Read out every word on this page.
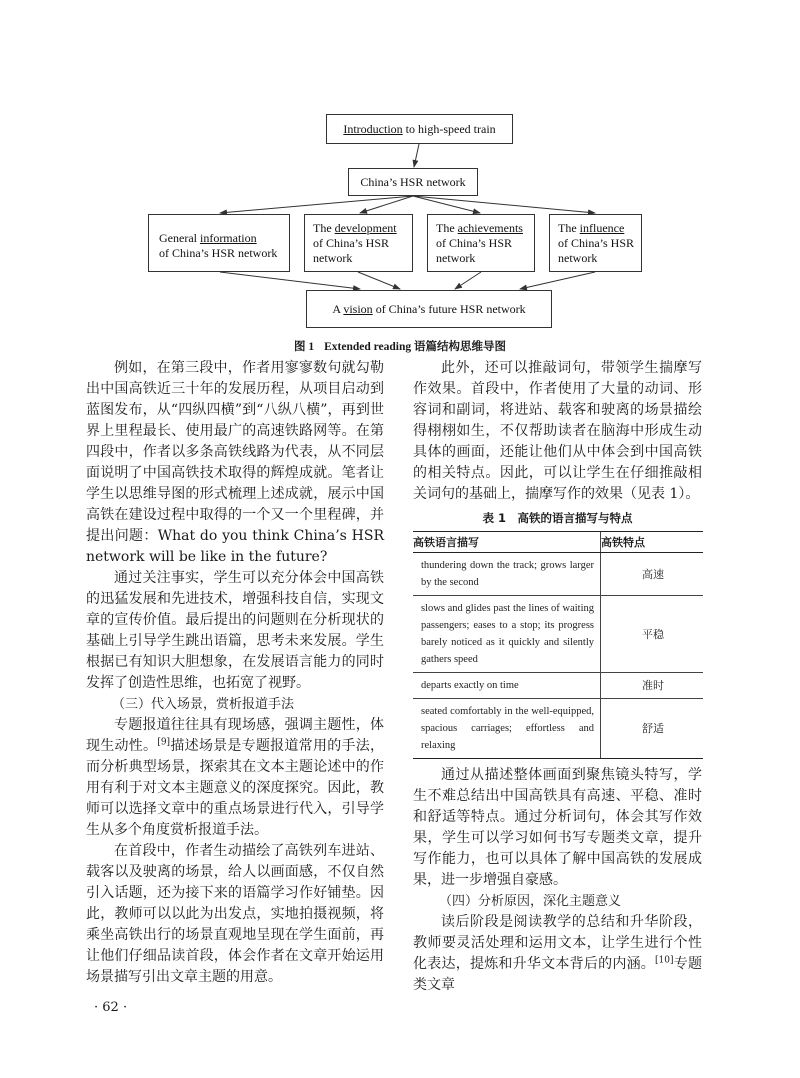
Introduction to high-speed train
China’s HSR network
General information
of China’s HSR network
The development
of China’s HSR network
The achievements
of China’s HSR network
The influence
of China’s HSR network
A vision of China’s future HSR network
图 1 Extended reading 语篇结构思维导图

例如，在第三段中，作者用寥寥数句就勾勒出中国高铁近三十年的发展历程，从项目启动到蓝图发布，从“四纵四横”到“八纵八横”，再到世界上里程最长、使用最广的高速铁路网等。在第四段中，作者以多条高铁线路为代表，从不同层面说明了中国高铁技术取得的辉煌成就。笔者让学生以思维导图的形式梳理上述成就，展示中国高铁在建设过程中取得的一个又一个里程碑，并提出问题：What do you think China’s HSR network will be like in the future?

通过关注事实，学生可以充分体会中国高铁的迅猛发展和先进技术，增强科技自信，实现文章的宣传价值。最后提出的问题则在分析现状的基础上引导学生跳出语篇，思考未来发展。学生根据已有知识大胆想象，在发展语言能力的同时发挥了创造性思维，也拓宽了视野。

（三）代入场景，赏析报道手法

专题报道往往具有现场感，强调主题性，体现生动性。[9]描述场景是专题报道常用的手法，而分析典型场景，探索其在文本主题论述中的作用有利于对文本主题意义的深度探究。因此，教师可以选择文章中的重点场景进行代入，引导学生从多个角度赏析报道手法。

在首段中，作者生动描绘了高铁列车进站、载客以及驶离的场景，给人以画面感，不仅自然引入话题，还为接下来的语篇学习作好铺垫。因此，教师可以以此为出发点，实地拍摄视频，将乘坐高铁出行的场景直观地呈现在学生面前，再让他们仔细品读首段，体会作者在文章开始运用场景描写引出文章主题的用意。

此外，还可以推敲词句，带领学生揣摩写作效果。首段中，作者使用了大量的动词、形容词和副词，将进站、载客和驶离的场景描绘得栩栩如生，不仅帮助读者在脑海中形成生动具体的画面，还能让他们从中体会到中国高铁的相关特点。因此，可以让学生在仔细推敲相关词句的基础上，揣摩写作的效果（见表 1）。

表 1　高铁的语言描写与特点
高铁语言描写	高铁特点
thundering down the track; grows larger by the second	高速
slows and glides past the lines of waiting passengers; eases to a stop; its progress barely noticed as it quickly and silently gathers speed	平稳
departs exactly on time	准时
seated comfortably in the well-equipped, spacious carriages; effortless and relaxing	舒适

通过从描述整体画面到聚焦镜头特写，学生不难总结出中国高铁具有高速、平稳、准时和舒适等特点。通过分析词句，体会其写作效果，学生可以学习如何书写专题类文章，提升写作能力，也可以具体了解中国高铁的发展成果，进一步增强自豪感。

（四）分析原因，深化主题意义

读后阶段是阅读教学的总结和升华阶段，教师要灵活处理和运用文本，让学生进行个性化表达，提炼和升华文本背后的内涵。[10]专题类文章

· 62 ·
